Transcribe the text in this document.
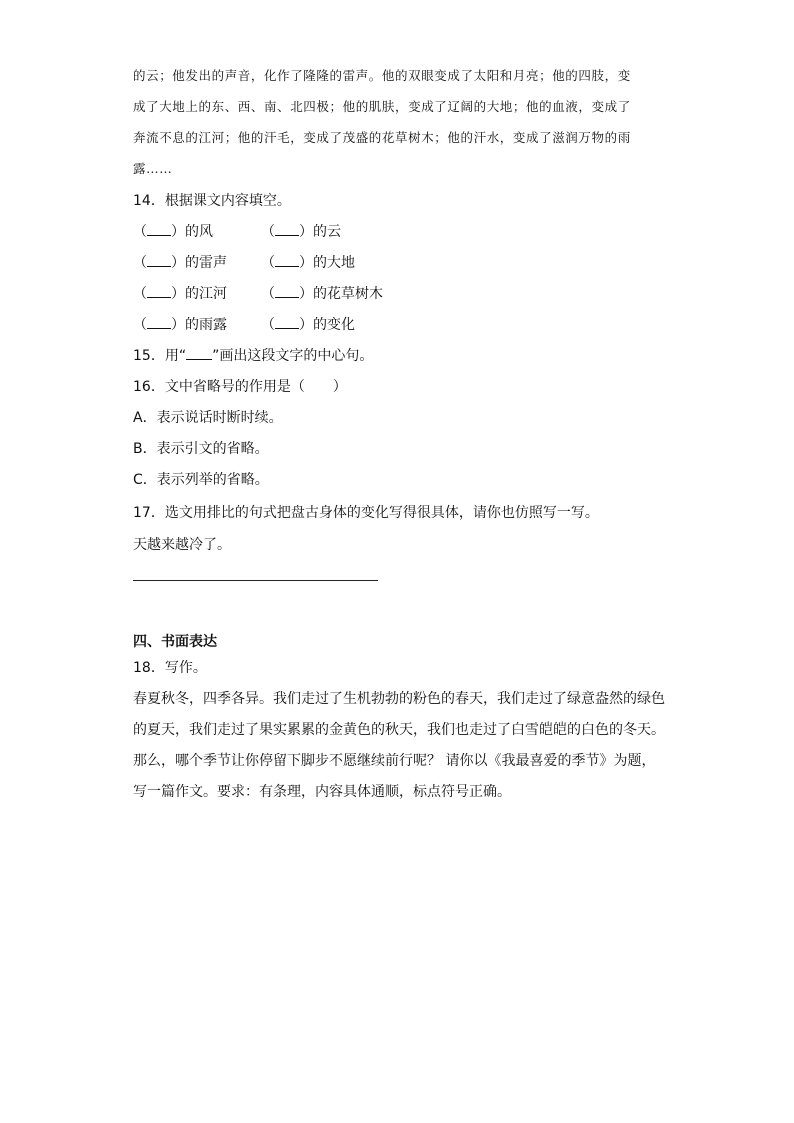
的云；他发出的声音，化作了隆隆的雷声。他的双眼变成了太阳和月亮；他的四肢，变
成了大地上的东、西、南、北四极；他的肌肤，变成了辽阔的大地；他的血液，变成了
奔流不息的江河；他的汗毛，变成了茂盛的花草树木；他的汗水，变成了滋润万物的雨
露……
14．根据课文内容填空。
（ ）的风	（ ）的云
（ ）的雷声 （ ）的大地
（ ）的江河 （ ）的花草树木
（ ）的雨露 （ ）的变化
15．用“ ”画出这段文字的中心句。
16．文中省略号的作用是（　　）
A．表示说话时断时续。
B．表示引文的省略。
C．表示列举的省略。
17．选文用排比的句式把盘古身体的变化写得很具体，请你也仿照写一写。
天越来越冷了。
四、书面表达
18．写作。
春夏秋冬，四季各异。我们走过了生机勃勃的粉色的春天，我们走过了绿意盎然的绿色
的夏天，我们走过了果实累累的金黄色的秋天，我们也走过了白雪皑皑的白色的冬天。
那么，哪个季节让你停留下脚步不愿继续前行呢？ 请你以《我最喜爱的季节》为题，
写一篇作文。要求：有条理，内容具体通顺，标点符号正确。
